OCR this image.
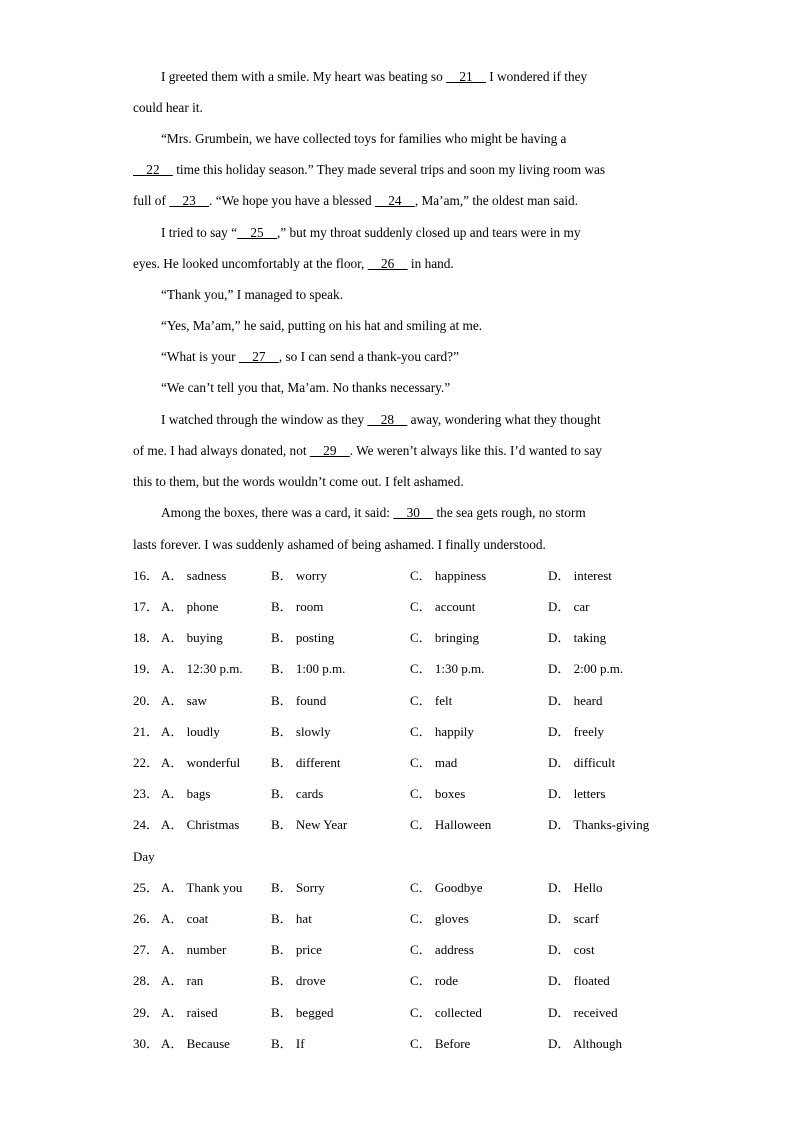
I greeted them with a smile. My heart was beating so     21     I wondered if they
could hear it.
“Mrs. Grumbein, we have collected toys for families who might be having a
22     time this holiday season.” They made several trips and soon my living room was
full of     23    . “We hope you have a blessed     24    , Ma’am,” the oldest man said.
I tried to say “    25    ,” but my throat suddenly closed up and tears were in my
eyes. He looked uncomfortably at the floor,     26     in hand.
“Thank you,” I managed to speak.
“Yes, Ma’am,” he said, putting on his hat and smiling at me.
“What is your     27    , so I can send a thank-you card?”
“We can’t tell you that, Ma’am. No thanks necessary.”
I watched through the window as they     28     away, wondering what they thought
of me. I had always donated, not     29    . We weren’t always like this. I’d wanted to say
this to them, but the words wouldn’t come out. I felt ashamed.
Among the boxes, there was a card, it said:     30     the sea gets rough, no storm
lasts forever. I was suddenly ashamed of being ashamed. I finally understood.
16． A． sadness	B． worry	C． happiness	D． interest
17． A． phone	B． room	C． account	D． car
18． A． buying	B． posting	C． bringing	D． taking
19． A． 12:30 p.m. B． 1:00 p.m.	C． 1:30 p.m.	D． 2:00 p.m.
20． A． saw	B． found	C． felt	D． heard
21． A． loudly	B． slowly	C． happily	D． freely
22． A． wonderful B． different	C． mad	D． difficult
23． A． bags	B． cards	C． boxes	D． letters
24． A． Christmas B． New Year	C． Halloween	D． Thanks-giving
Day
25． A． Thank you B． Sorry	C． Goodbye	D． Hello
26． A． coat	B． hat	C． gloves	D． scarf
27． A． number	B． price	C． address	D． cost
28． A． ran	B． drove	C． rode	D． floated
29． A． raised	B． begged	C． collected	D． received
30． A． Because	B． If	C． Before	D． Although
